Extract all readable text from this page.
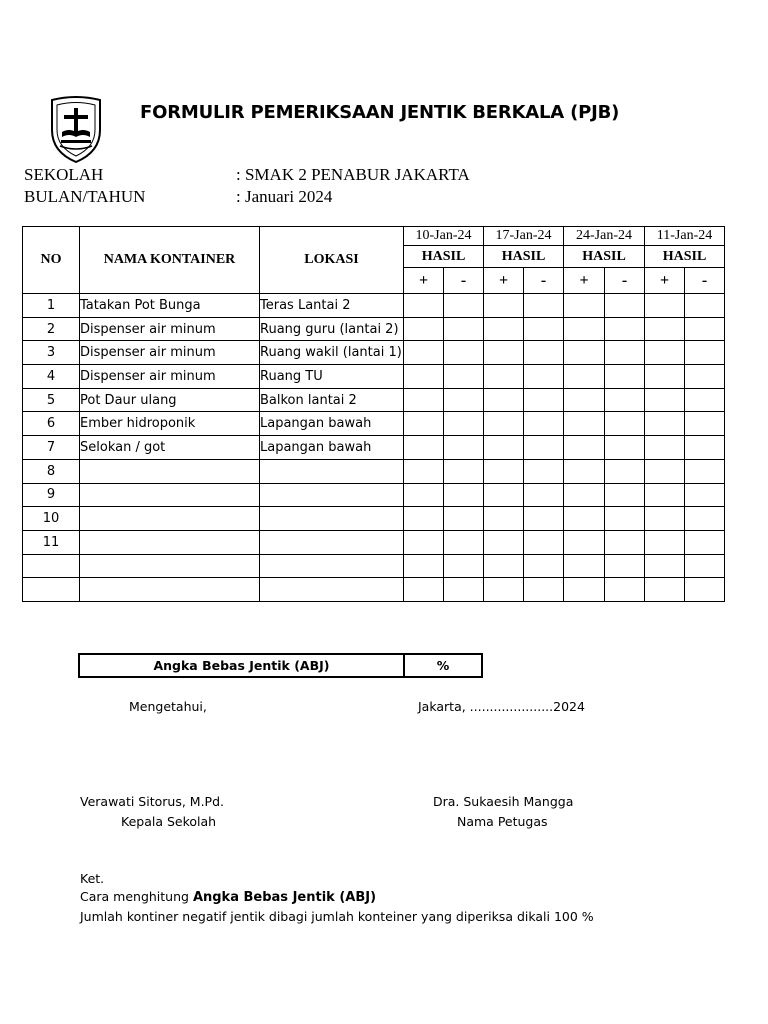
FORMULIR PEMERIKSAAN JENTIK BERKALA (PJB)
SEKOLAH	: SMAK 2 PENABUR JAKARTA
BULAN/TAHUN	: Januari 2024
NO	NAMA KONTAINER	LOKASI	10-Jan-24		17-Jan-24		24-Jan-24		11-Jan-24	
			HASIL		HASIL		HASIL		HASIL	
			+	-	+	-	+	-	+	-
1	Tatakan Pot Bunga	Teras Lantai 2								
2	Dispenser air minum	Ruang guru (lantai 2)								
3	Dispenser air minum	Ruang wakil (lantai 1)								
4	Dispenser air minum	Ruang TU								
5	Pot Daur ulang	Balkon lantai 2								
6	Ember hidroponik	Lapangan bawah								
7	Selokan / got	Lapangan bawah								
8										
9										
10										
11										

Angka Bebas Jentik (ABJ)	%
Mengetahui,	Jakarta, .....................2024
Verawati Sitorus, M.Pd.
Kepala Sekolah
Dra. Sukaesih Mangga
Nama Petugas
Ket.
Cara menghitung Angka Bebas Jentik (ABJ)
Jumlah kontiner negatif jentik dibagi jumlah konteiner yang diperiksa dikali 100 %
